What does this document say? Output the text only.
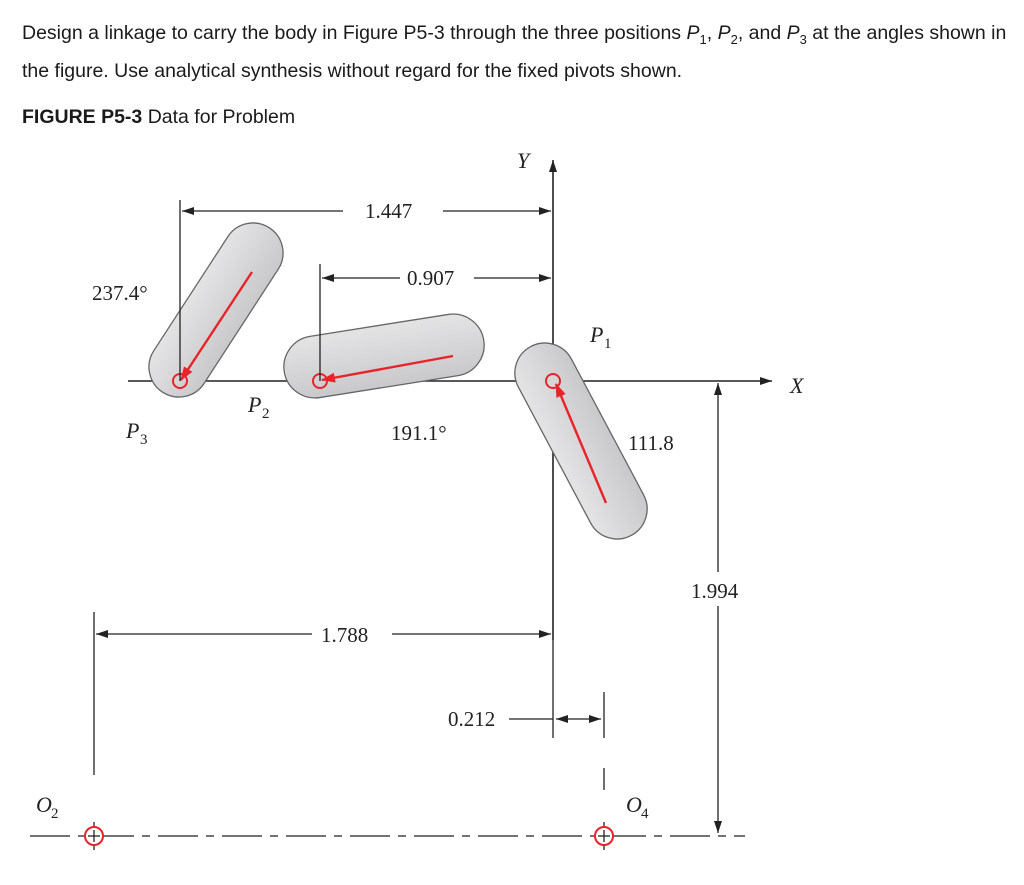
Design a linkage to carry the body in Figure P5-3 through the three positions $P_1$, $P_2$, and $P_3$ at the angles shown in the figure. Use analytical synthesis without regard for the fixed pivots shown.
FIGURE P5-3 Data for Problem
X
Y
1.447
0.907
237.4°
191.1°	111.8
P 1
P 2
P 3
1.788
0.212
1.994
O 2	O 4
